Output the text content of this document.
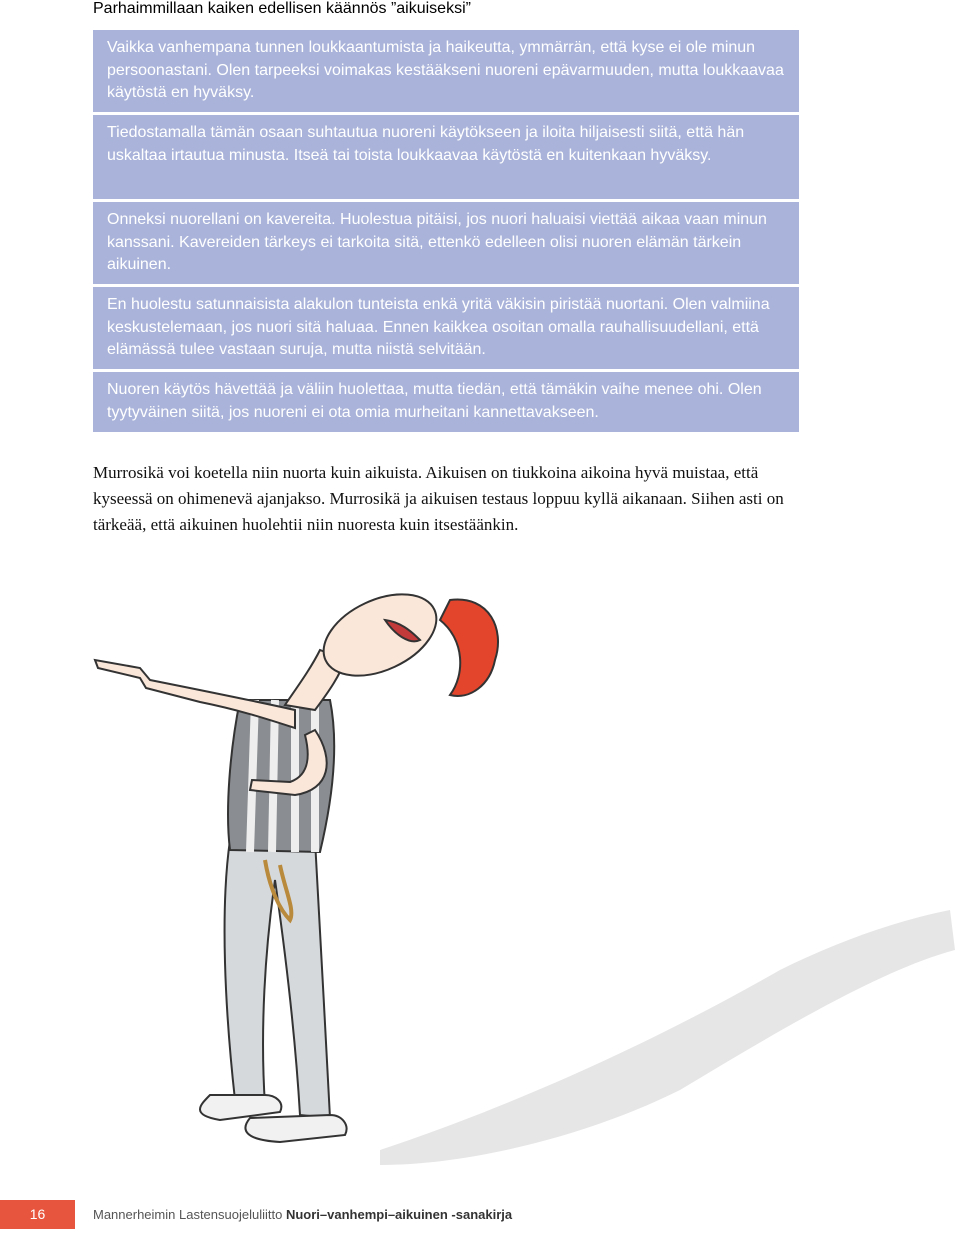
Parhaimmillaan kaiken edellisen käännös ”aikuiseksi”

Vaikka vanhempana tunnen loukkaantumista ja haikeutta, ymmärrän, että kyse ei ole minun persoonastani. Olen tarpeeksi voimakas kestääkseni nuoreni epävarmuuden, mutta loukkaavaa käytöstä en hyväksy.

Tiedostamalla tämän osaan suhtautua nuoreni käytökseen ja iloita hiljaisesti siitä, että hän uskaltaa irtautua minusta. Itseä tai toista loukkaavaa käytöstä en kuitenkaan hyväksy.

Onneksi nuorellani on kavereita. Huolestua pitäisi, jos nuori haluaisi viettää aikaa vaan minun kanssani. Kavereiden tärkeys ei tarkoita sitä, ettenkö edelleen olisi nuoren elämän tärkein aikuinen.

En huolestu satunnaisista alakulon tunteista enkä yritä väkisin piristää nuortani. Olen valmiina keskustelemaan, jos nuori sitä haluaa. Ennen kaikkea osoitan omalla rauhallisuudellani, että elämässä tulee vastaan suruja, mutta niistä selvitään.

Nuoren käytös hävettää ja väliin huolettaa, mutta tiedän, että tämäkin vaihe menee ohi. Olen tyytyväinen siitä, jos nuoreni ei ota omia murheitani kannettavakseen.

Murrosikä voi koetella niin nuorta kuin aikuista. Aikuisen on tiukkoina aikoina hyvä muistaa, että kyseessä on ohimenevä ajanjakso. Murrosikä ja aikuisen testaus loppuu kyllä aikanaan. Siihen asti on tärkeää, että aikuinen huolehtii niin nuoresta kuin itsestäänkin.

16	Mannerheimin Lastensuojeluliitto Nuori–vanhempi–aikuinen -sanakirja
